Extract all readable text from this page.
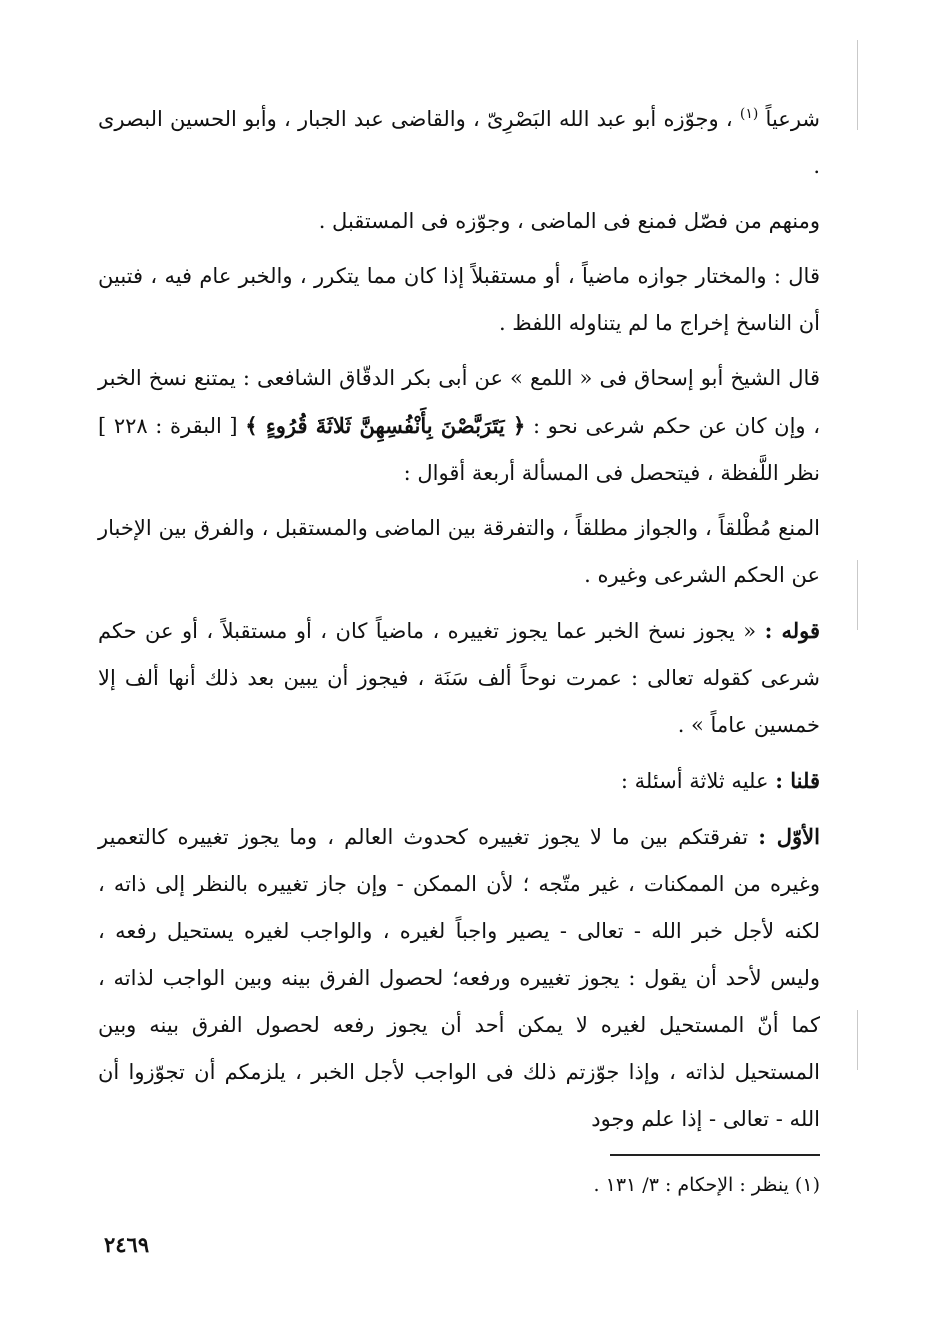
شرعياً $^{(١)}$ ، وجوّزه أبو عبد الله البَصْرِىّ ، والقاضى عبد الجبار ، وأبو الحسين البصرى .

ومنهم من فصّل فمنع فى الماضى ، وجوّزه فى المستقبل .

قال : والمختار جوازه ماضياً ، أو مستقبلاً إذا كان مما يتكرر ، والخبر عام فيه ، فتبين أن الناسخ إخراج ما لم يتناوله اللفظ .

قال الشيخ أبو إسحاق فى « اللمع » عن أبى بكر الدقّاق الشافعى : يمتنع نسخ الخبر ، وإن كان عن حكم شرعى نحو : ﴿ يَتَرَبَّصْنَ بِأَنْفُسِهِنَّ ثَلاثَةَ قُرُوءٍ ﴾ [ البقرة : ٢٢٨ ] نظر اللَّفظة ، فيتحصل فى المسألة أربعة أقوال :

المنع مُطْلقاً ، والجواز مطلقاً ، والتفرقة بين الماضى والمستقبل ، والفرق بين الإخبار عن الحكم الشرعى وغيره .

قوله : « يجوز نسخ الخبر عما يجوز تغييره ، ماضياً كان ، أو مستقبلاً ، أو عن حكم شرعى كقوله تعالى : عمرت نوحاً ألف سَنَة ، فيجوز أن يبين بعد ذلك أنها ألف إلا خمسين عاماً » .

قلنا : عليه ثلاثة أسئلة :

الأوّل : تفرقتكم بين ما لا يجوز تغييره كحدوث العالم ، وما يجوز تغييره كالتعمير وغيره من الممكنات ، غير متّجه ؛ لأن الممكن - وإن جاز تغييره بالنظر إلى ذاته ، لكنه لأجل خبر الله - تعالى - يصير واجباً لغيره ، والواجب لغيره يستحيل رفعه ، وليس لأحد أن يقول : يجوز تغييره ورفعه؛ لحصول الفرق بينه وبين الواجب لذاته ، كما أنّ المستحيل لغيره لا يمكن أحد أن يجوز رفعه لحصول الفرق بينه وبين المستحيل لذاته ، وإذا جوّزتم ذلك فى الواجب لأجل الخبر ، يلزمكم أن تجوّزوا أن الله - تعالى - إذا علم وجود

(١) ينظر : الإحكام : ٣/ ١٣١ .
٢٤٦٩
